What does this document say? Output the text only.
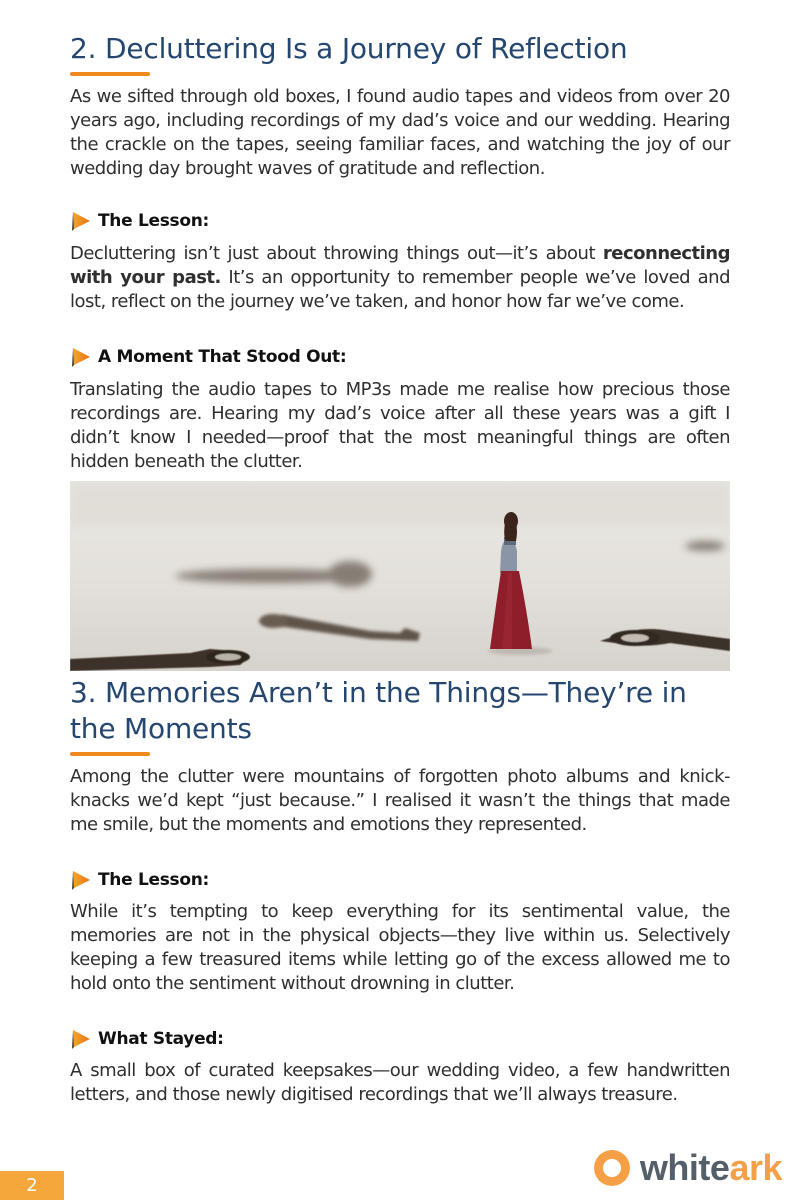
2. Decluttering Is a Journey of Reflection

As we sifted through old boxes, I found audio tapes and videos from over 20 years ago, including recordings of my dad’s voice and our wedding. Hearing the crackle on the tapes, seeing familiar faces, and watching the joy of our wedding day brought waves of gratitude and reflection.

The Lesson:

Decluttering isn’t just about throwing things out—it’s about reconnecting with your past. It’s an opportunity to remember people we’ve loved and lost, reflect on the journey we’ve taken, and honor how far we’ve come.

A Moment That Stood Out:

Translating the audio tapes to MP3s made me realise how precious those recordings are. Hearing my dad’s voice after all these years was a gift I didn’t know I needed—proof that the most meaningful things are often hidden beneath the clutter.

3. Memories Aren’t in the Things—They’re in the Moments

Among the clutter were mountains of forgotten photo albums and knick-knacks we’d kept “just because.” I realised it wasn’t the things that made me smile, but the moments and emotions they represented.

The Lesson:

While it’s tempting to keep everything for its sentimental value, the memories are not in the physical objects—they live within us. Selectively keeping a few treasured items while letting go of the excess allowed me to hold onto the sentiment without drowning in clutter.

What Stayed:

A small box of curated keepsakes—our wedding video, a few handwritten letters, and those newly digitised recordings that we’ll always treasure.

2	whiteark
